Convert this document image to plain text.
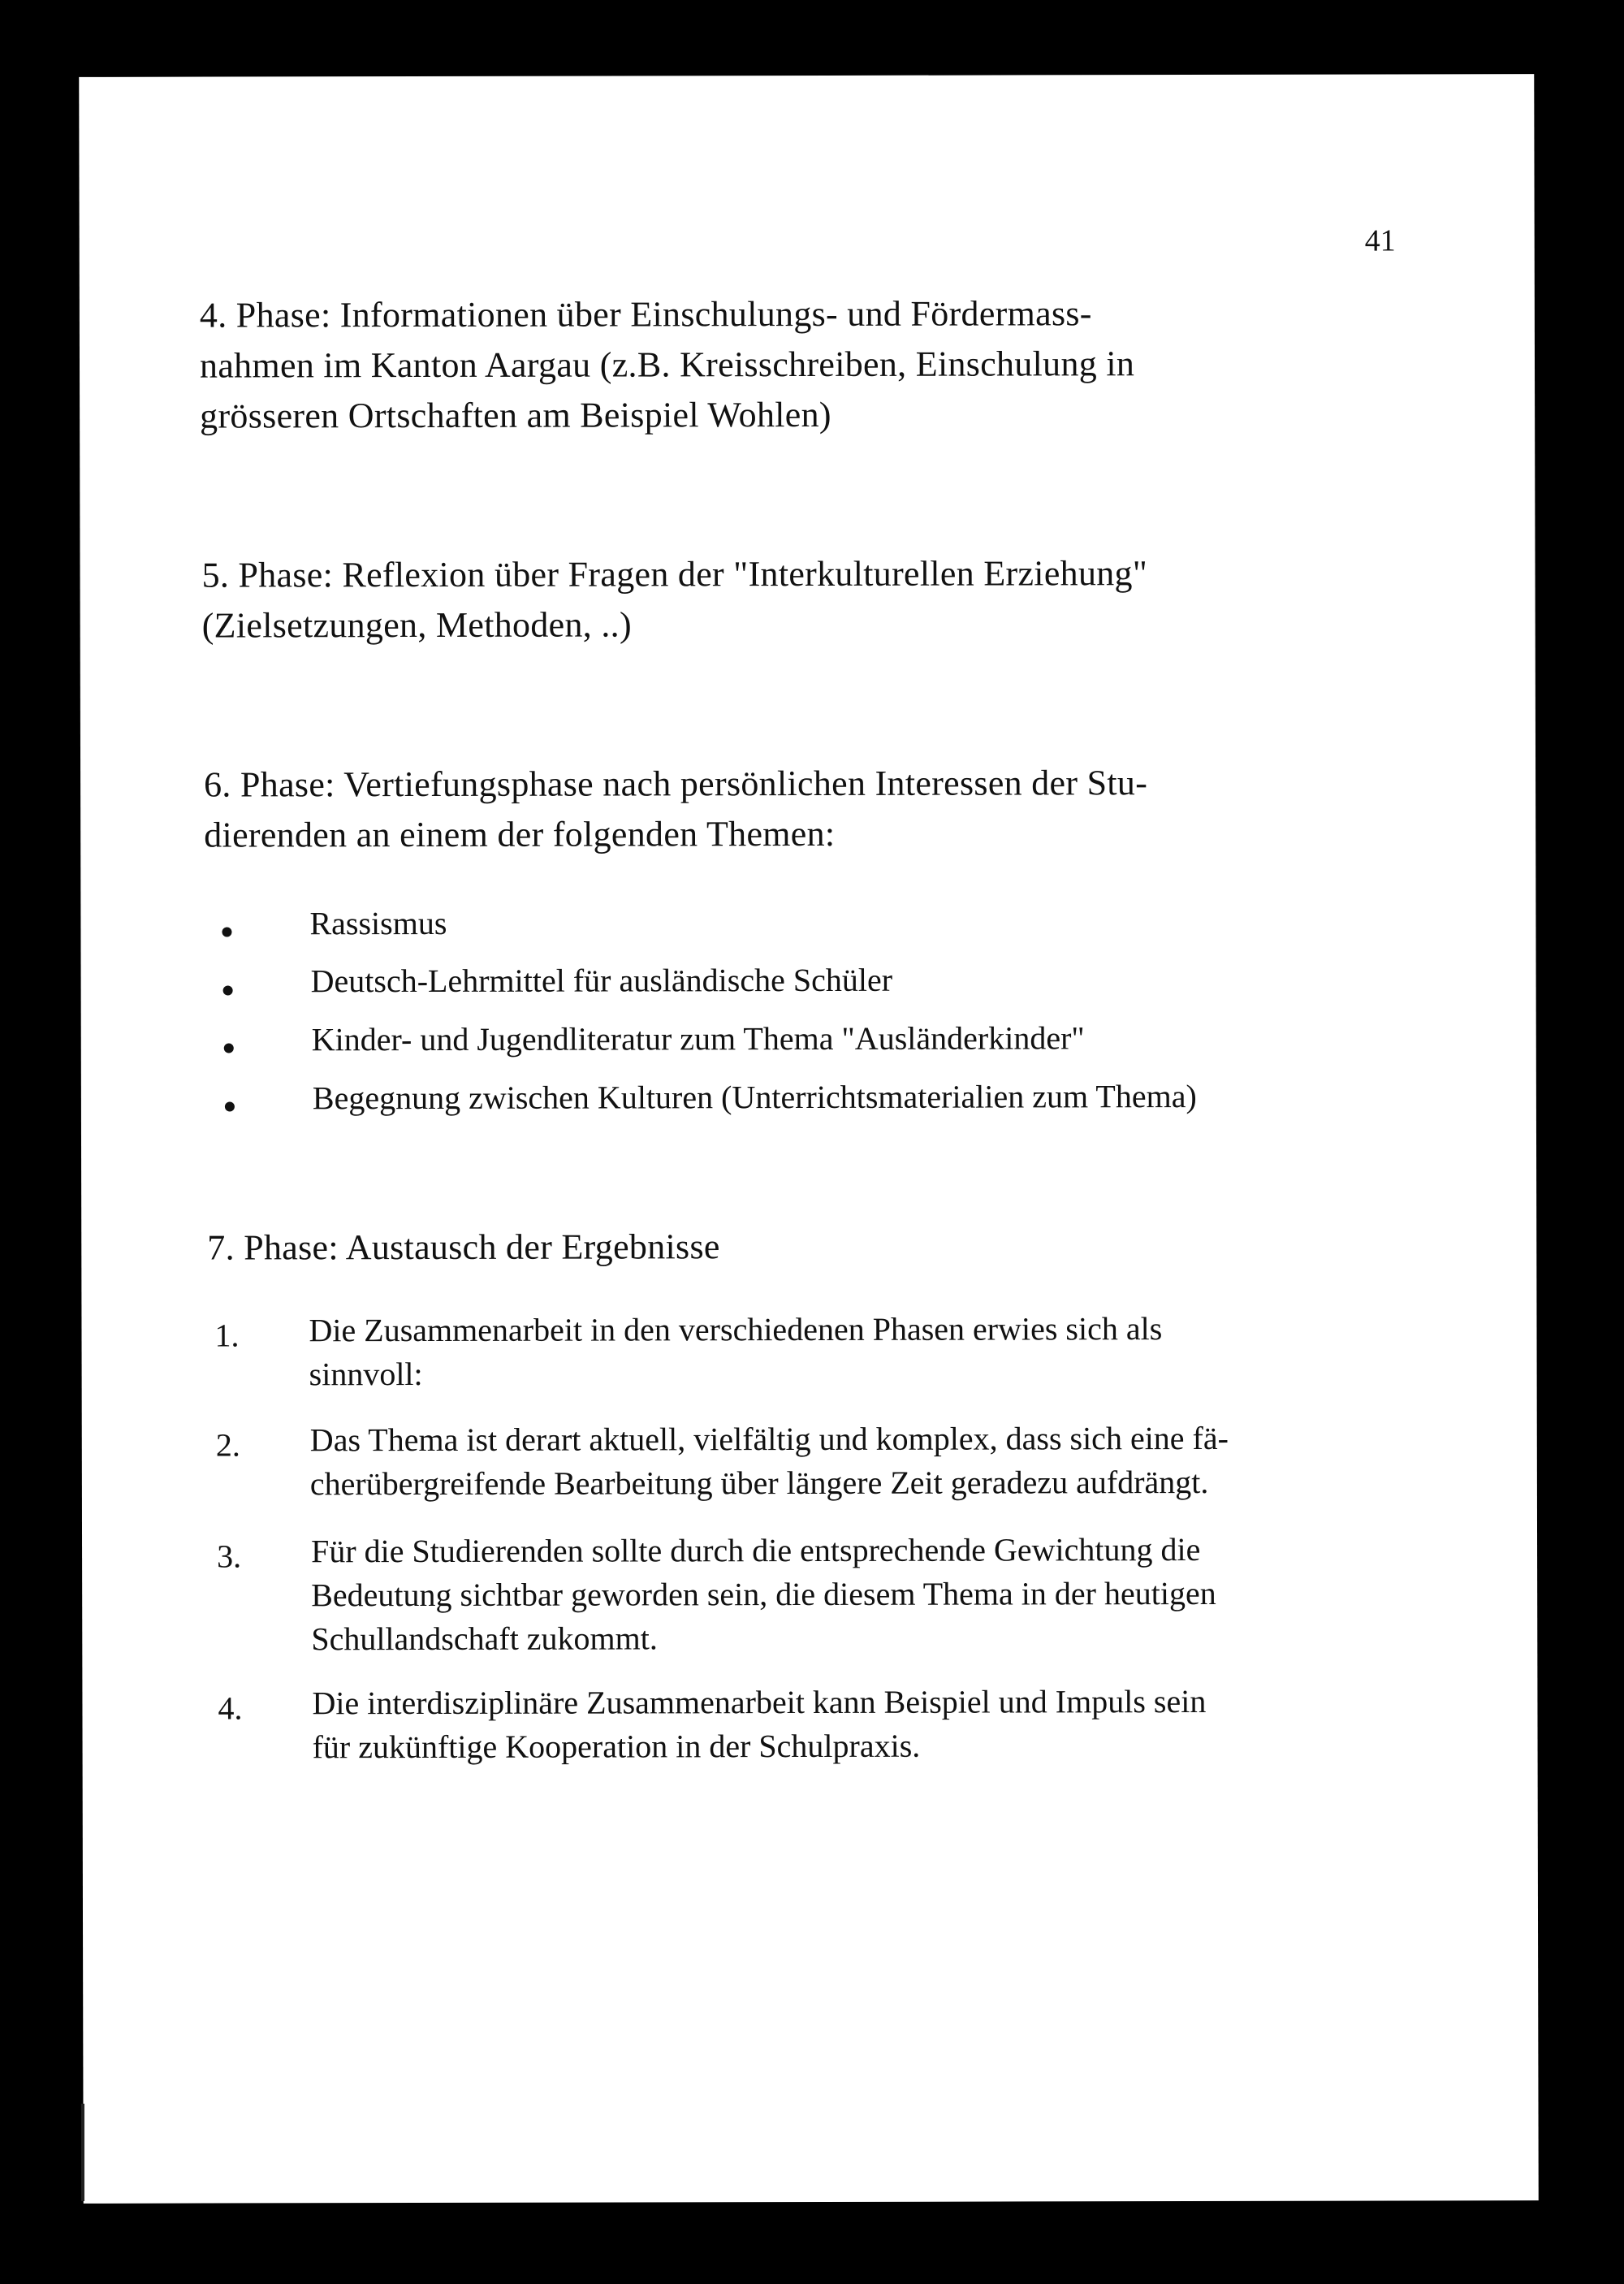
41
4. Phase: Informationen über Einschulungs- und Fördermass-
nahmen im Kanton Aargau (z.B. Kreisschreiben, Einschulung in
grösseren Ortschaften am Beispiel Wohlen)
5. Phase: Reflexion über Fragen der "Interkulturellen Erziehung"
(Zielsetzungen, Methoden, ..)
6. Phase: Vertiefungsphase nach persönlichen Interessen der Stu-
dierenden an einem der folgenden Themen:
Rassismus
Deutsch-Lehrmittel für ausländische Schüler
Kinder- und Jugendliteratur zum Thema "Ausländerkinder"
Begegnung zwischen Kulturen (Unterrichtsmaterialien zum Thema)
7. Phase: Austausch der Ergebnisse
1. Die Zusammenarbeit in den verschiedenen Phasen erwies sich als
sinnvoll:
2. Das Thema ist derart aktuell, vielfältig und komplex, dass sich eine fä-
cherübergreifende Bearbeitung über längere Zeit geradezu aufdrängt.
3. Für die Studierenden sollte durch die entsprechende Gewichtung die
Bedeutung sichtbar geworden sein, die diesem Thema in der heutigen
Schullandschaft zukommt.
4. Die interdisziplinäre Zusammenarbeit kann Beispiel und Impuls sein
für zukünftige Kooperation in der Schulpraxis.
